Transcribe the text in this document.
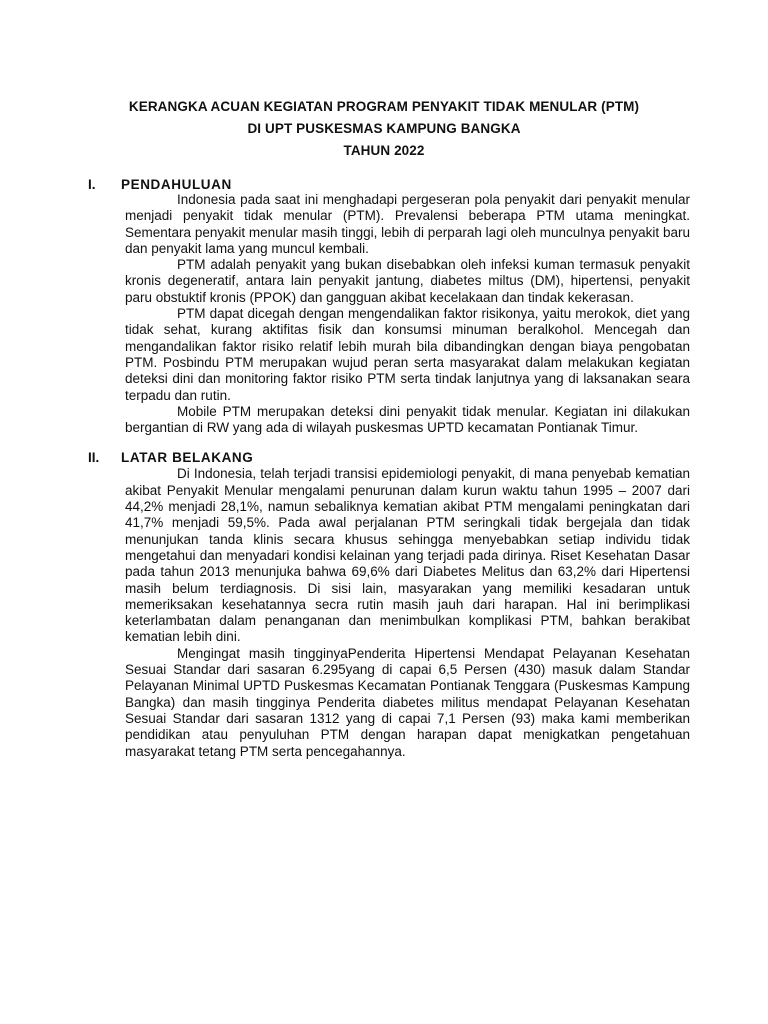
KERANGKA ACUAN KEGIATAN PROGRAM PENYAKIT TIDAK MENULAR (PTM)
DI UPT PUSKESMAS KAMPUNG BANGKA
TAHUN 2022
I. PENDAHULUAN

Indonesia pada saat ini menghadapi pergeseran pola penyakit dari penyakit menular menjadi penyakit tidak menular (PTM). Prevalensi beberapa PTM utama meningkat. Sementara penyakit menular masih tinggi, lebih di perparah lagi oleh munculnya penyakit baru dan penyakit lama yang muncul kembali.

PTM adalah penyakit yang bukan disebabkan oleh infeksi kuman termasuk penyakit kronis degeneratif, antara lain penyakit jantung, diabetes miltus (DM), hipertensi, penyakit paru obstuktif kronis (PPOK) dan gangguan akibat kecelakaan dan tindak kekerasan.

PTM dapat dicegah dengan mengendalikan faktor risikonya, yaitu merokok, diet yang tidak sehat, kurang aktifitas fisik dan konsumsi minuman beralkohol. Mencegah dan mengandalikan faktor risiko relatif lebih murah bila dibandingkan dengan biaya pengobatan PTM. Posbindu PTM merupakan wujud peran serta masyarakat dalam melakukan kegiatan deteksi dini dan monitoring faktor risiko PTM serta tindak lanjutnya yang di laksanakan seara terpadu dan rutin.

Mobile PTM merupakan deteksi dini penyakit tidak menular. Kegiatan ini dilakukan bergantian di RW yang ada di wilayah puskesmas UPTD kecamatan Pontianak Timur.

II. LATAR BELAKANG

Di Indonesia, telah terjadi transisi epidemiologi penyakit, di mana penyebab kematian akibat Penyakit Menular mengalami penurunan dalam kurun waktu tahun 1995 – 2007 dari 44,2% menjadi 28,1%, namun sebaliknya kematian akibat PTM mengalami peningkatan dari 41,7% menjadi 59,5%. Pada awal perjalanan PTM seringkali tidak bergejala dan tidak menunjukan tanda klinis secara khusus sehingga menyebabkan setiap individu tidak mengetahui dan menyadari kondisi kelainan yang terjadi pada dirinya. Riset Kesehatan Dasar pada tahun 2013 menunjuka bahwa 69,6% dari Diabetes Melitus dan 63,2% dari Hipertensi masih belum terdiagnosis. Di sisi lain, masyarakan yang memiliki kesadaran untuk memeriksakan kesehatannya secra rutin masih jauh dari harapan. Hal ini berimplikasi keterlambatan dalam penanganan dan menimbulkan komplikasi PTM, bahkan berakibat kematian lebih dini.

Mengingat masih tingginyaPenderita Hipertensi Mendapat Pelayanan Kesehatan Sesuai Standar dari sasaran 6.295yang di capai 6,5 Persen (430) masuk dalam Standar Pelayanan Minimal UPTD Puskesmas Kecamatan Pontianak Tenggara (Puskesmas Kampung Bangka) dan masih tingginya Penderita diabetes militus mendapat Pelayanan Kesehatan Sesuai Standar dari sasaran 1312 yang di capai 7,1 Persen (93) maka kami memberikan pendidikan atau penyuluhan PTM dengan harapan dapat menigkatkan pengetahuan masyarakat tetang PTM serta pencegahannya.
